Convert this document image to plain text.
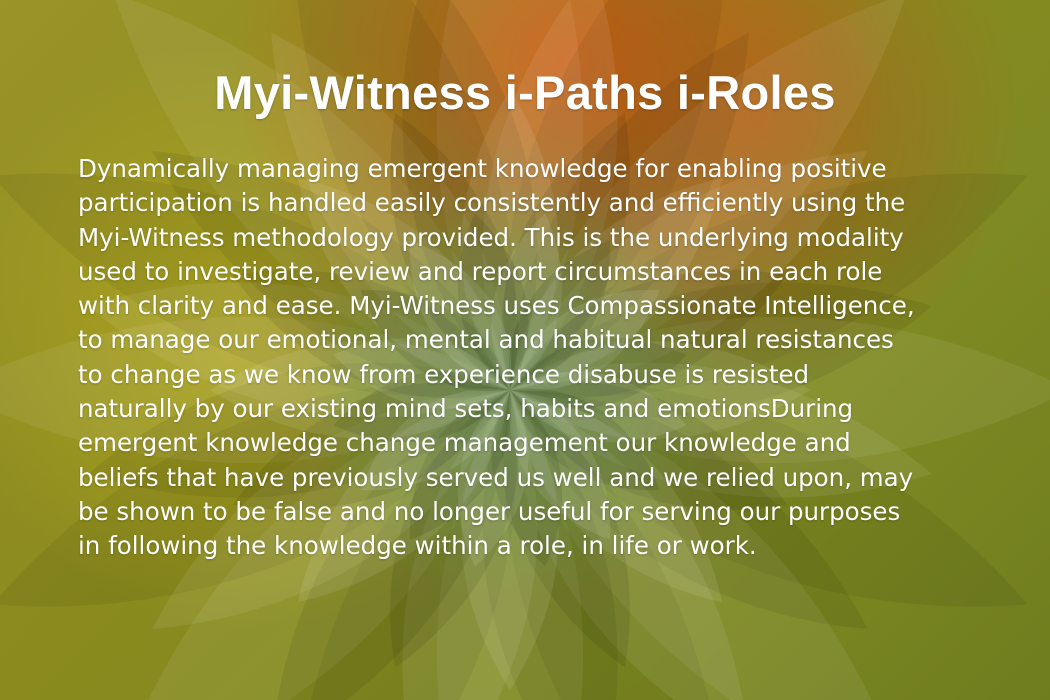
Myi-Witness i-Paths i-Roles
Dynamically managing emergent knowledge for enabling positive
participation is handled easily consistently and efficiently using the
Myi-Witness methodology provided. This is the underlying modality
used to investigate, review and report circumstances in each role
with clarity and ease. Myi-Witness uses Compassionate Intelligence,
to manage our emotional, mental and habitual natural resistances
to change as we know from experience disabuse is resisted
naturally by our existing mind sets, habits and emotionsDuring
emergent knowledge change management our knowledge and
beliefs that have previously served us well and we relied upon, may
be shown to be false and no longer useful for serving our purposes
in following the knowledge within a role, in life or work.
